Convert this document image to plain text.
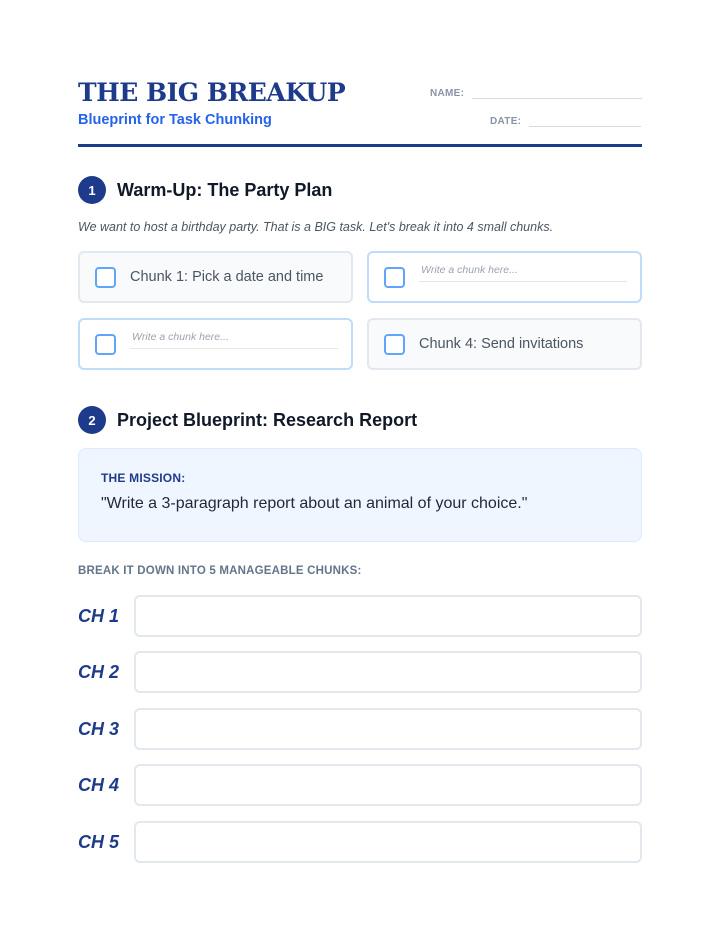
THE BIG BREAKUP
Blueprint for Task Chunking
NAME:
DATE:
1	Warm-Up: The Party Plan
We want to host a birthday party. That is a BIG task. Let's break it into 4 small chunks.
Chunk 1: Pick a date and time
Write a chunk here...
Write a chunk here...
Chunk 4: Send invitations
2	Project Blueprint: Research Report
THE MISSION:
"Write a 3-paragraph report about an animal of your choice."
BREAK IT DOWN INTO 5 MANAGEABLE CHUNKS:
CH 1
CH 2
CH 3
CH 4
CH 5
